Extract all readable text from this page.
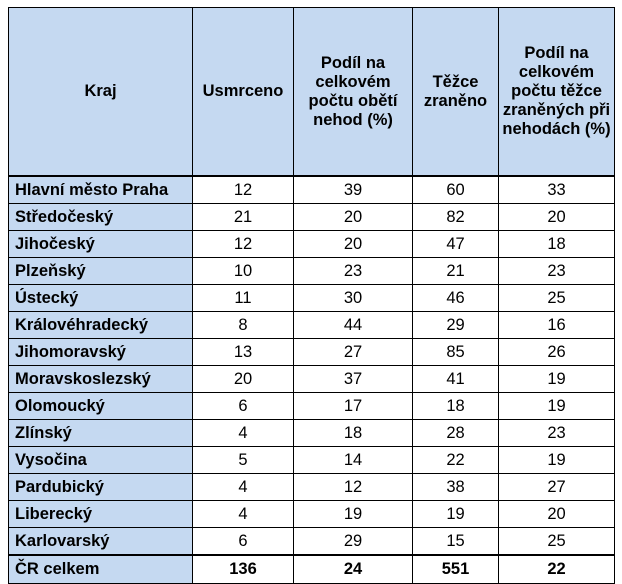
Kraj	Usmrceno	Podíl na celkovém počtu obětí nehod (%)	Těžce zraněno	Podíl na celkovém počtu těžce zraněných při nehodách (%)
Hlavní město Praha	12	39	60	33
Středočeský	21	20	82	20
Jihočeský	12	20	47	18
Plzeňský	10	23	21	23
Ústecký	11	30	46	25
Královéhradecký	8	44	29	16
Jihomoravský	13	27	85	26
Moravskoslezský	20	37	41	19
Olomoucký	6	17	18	19
Zlínský	4	18	28	23
Vysočina	5	14	22	19
Pardubický	4	12	38	27
Liberecký	4	19	19	20
Karlovarský	6	29	15	25
ČR celkem	136	24	551	22
